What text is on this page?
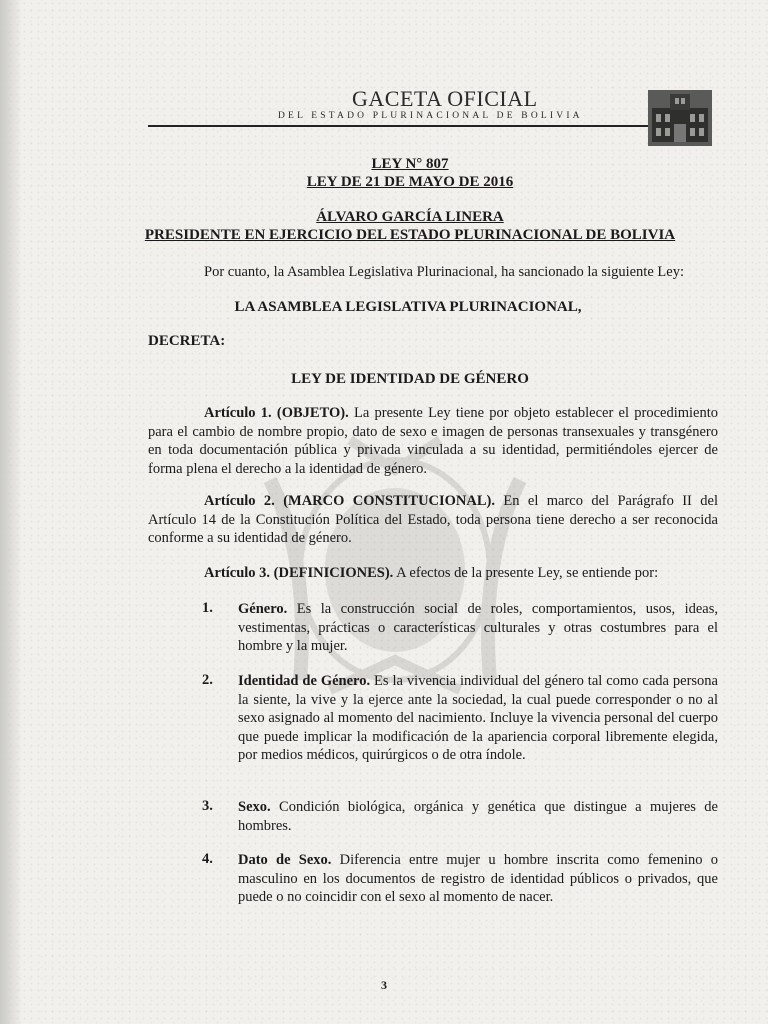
GACETA OFICIAL
DEL ESTADO PLURINACIONAL DE BOLIVIA
LEY N° 807
LEY DE 21 DE MAYO DE 2016
ÁLVARO GARCÍA LINERA
PRESIDENTE EN EJERCICIO DEL ESTADO PLURINACIONAL DE BOLIVIA
Por cuanto, la Asamblea Legislativa Plurinacional, ha sancionado la siguiente Ley:
LA ASAMBLEA LEGISLATIVA PLURINACIONAL,
DECRETA:
LEY DE IDENTIDAD DE GÉNERO
Artículo 1. (OBJETO). La presente Ley tiene por objeto establecer el procedimiento para el cambio de nombre propio, dato de sexo e imagen de personas transexuales y transgénero en toda documentación pública y privada vinculada a su identidad, permitiéndoles ejercer de forma plena el derecho a la identidad de género.
Artículo 2. (MARCO CONSTITUCIONAL). En el marco del Parágrafo II del Artículo 14 de la Constitución Política del Estado, toda persona tiene derecho a ser reconocida conforme a su identidad de género.
Artículo 3. (DEFINICIONES). A efectos de la presente Ley, se entiende por:
1. Género. Es la construcción social de roles, comportamientos, usos, ideas, vestimentas, prácticas o características culturales y otras costumbres para el hombre y la mujer.
2. Identidad de Género. Es la vivencia individual del género tal como cada persona la siente, la vive y la ejerce ante la sociedad, la cual puede corresponder o no al sexo asignado al momento del nacimiento. Incluye la vivencia personal del cuerpo que puede implicar la modificación de la apariencia corporal libremente elegida, por medios médicos, quirúrgicos o de otra índole.
3. Sexo. Condición biológica, orgánica y genética que distingue a mujeres de hombres.
4. Dato de Sexo. Diferencia entre mujer u hombre inscrita como femenino o masculino en los documentos de registro de identidad públicos o privados, que puede o no coincidir con el sexo al momento de nacer.
3
